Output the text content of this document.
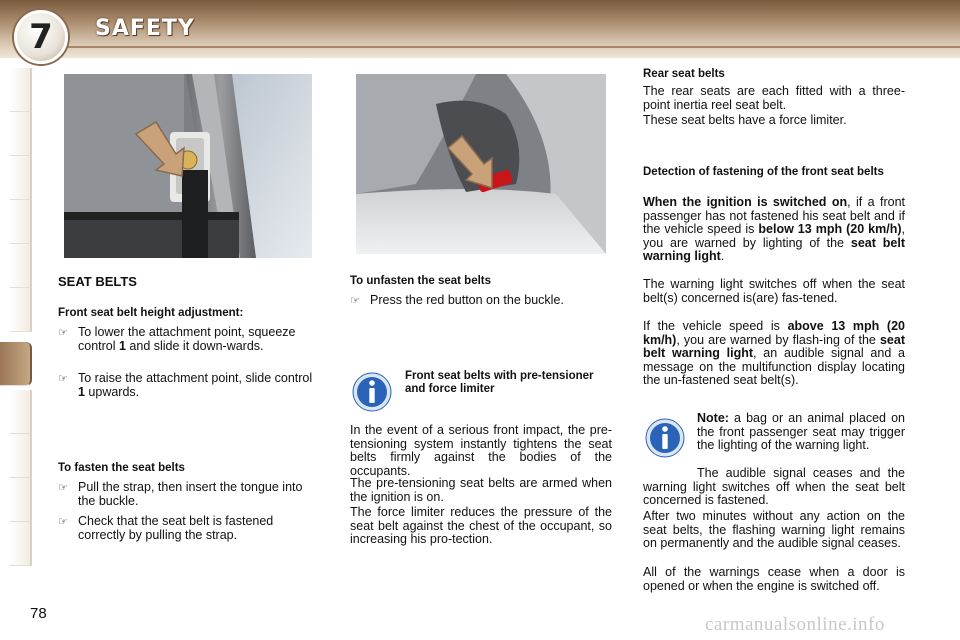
7	SAFETY
SEAT BELTS
Front seat belt height adjustment:
☞ To lower the attachment point, squeeze control 1 and slide it down-wards.
☞ To raise the attachment point, slide control 1 upwards.
To fasten the seat belts
☞ Pull the strap, then insert the tongue into the buckle.
☞ Check that the seat belt is fastened correctly by pulling the strap.
To unfasten the seat belts
☞ Press the red button on the buckle.
Front seat belts with pre-tensioner and force limiter
In the event of a serious front impact, the pre-tensioning system instantly tightens the seat belts firmly against the bodies of the occupants.
The pre-tensioning seat belts are armed when the ignition is on.
The force limiter reduces the pressure of the seat belt against the chest of the occupant, so increasing his pro-tection.
Rear seat belts
The rear seats are each fitted with a three-point inertia reel seat belt.
These seat belts have a force limiter.
Detection of fastening of the front seat belts
When the ignition is switched on, if a front passenger has not fastened his seat belt and if the vehicle speed is below 13 mph (20 km/h), you are warned by lighting of the seat belt warning light.
The warning light switches off when the seat belt(s) concerned is(are) fas-tened.
If the vehicle speed is above 13 mph (20 km/h), you are warned by flash-ing of the seat belt warning light, an audible signal and a message on the multifunction display locating the un-fastened seat belt(s).
Note: a bag or an animal placed on the front passenger seat may trigger the lighting of the warning light.
The audible signal ceases and the warning light switches off when the seat belt concerned is fastened.
After two minutes without any action on the seat belts, the flashing warning light remains on permanently and the audible signal ceases.
All of the warnings cease when a door is opened or when the engine is switched off.
78
carmanualsonline.info
